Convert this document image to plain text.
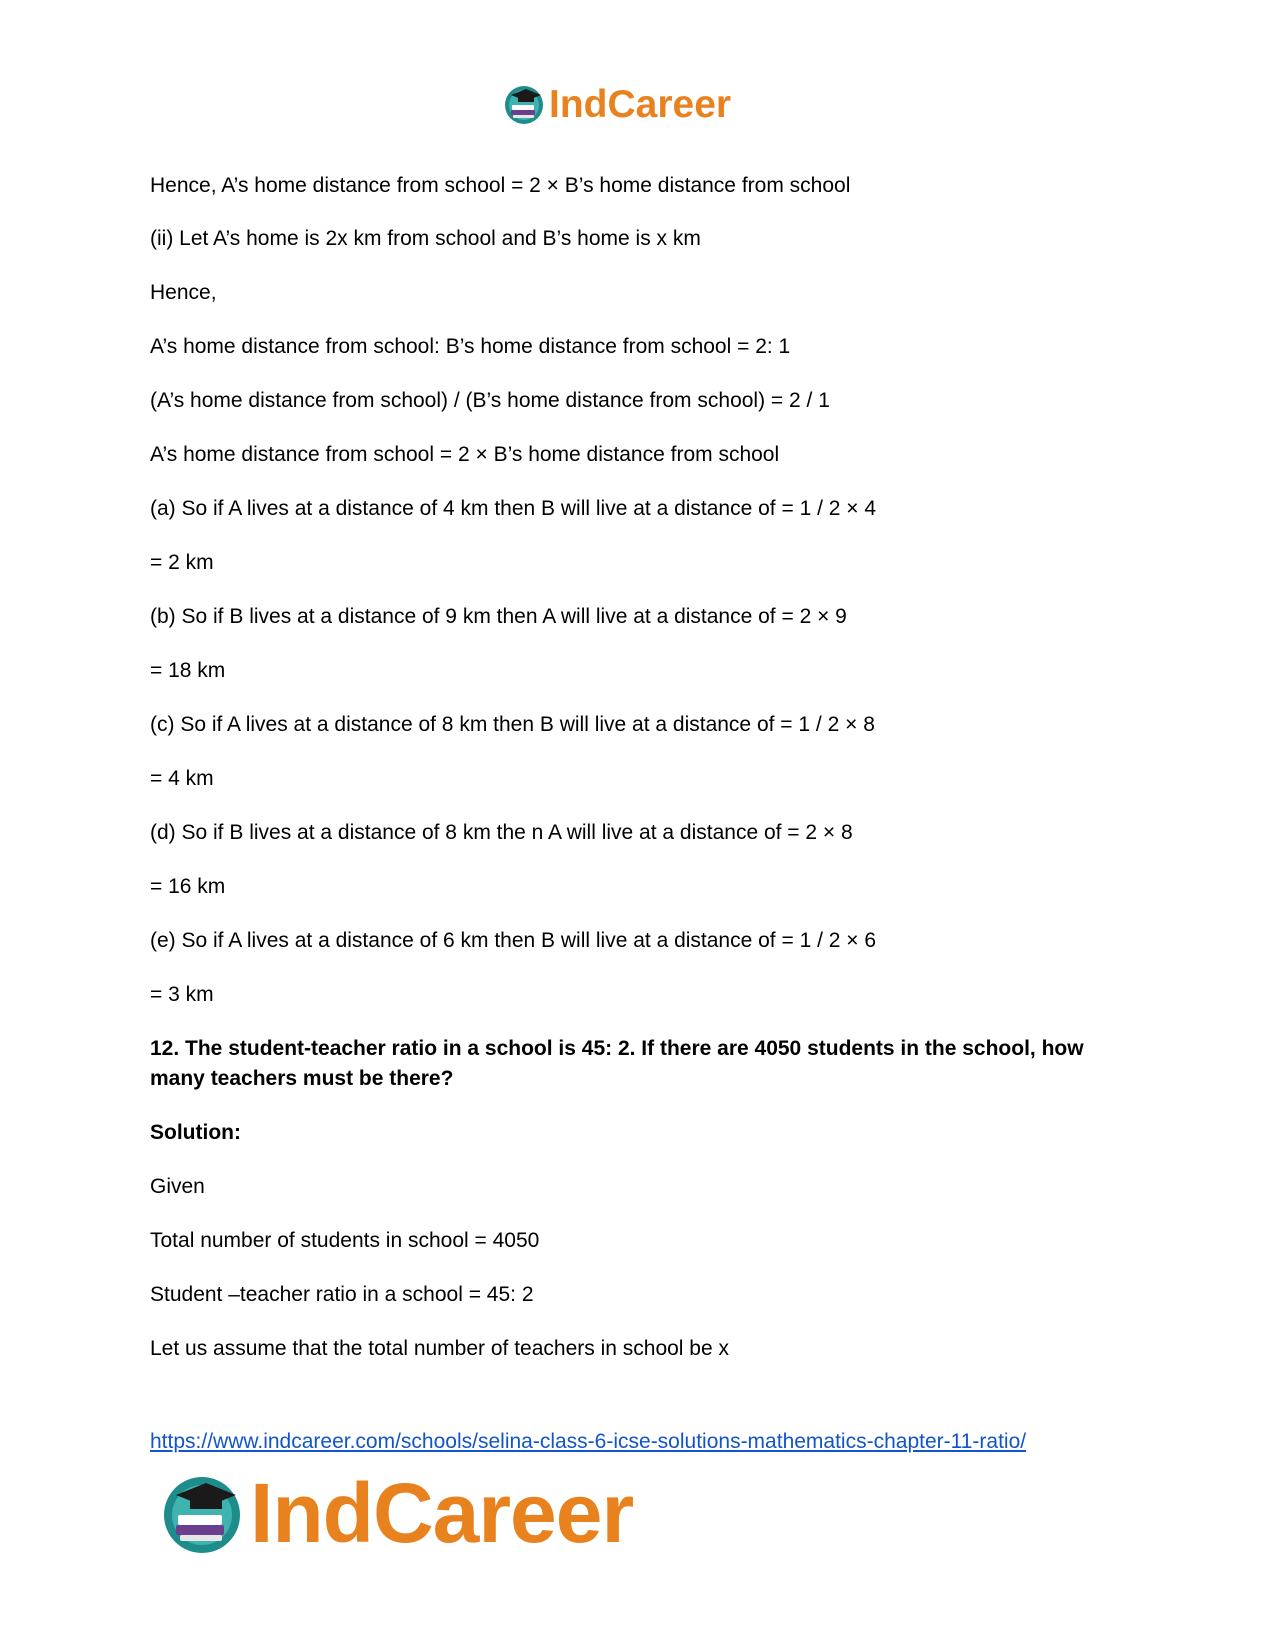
IndCareer
Hence, A’s home distance from school = 2 × B’s home distance from school
(ii) Let A’s home is 2x km from school and B’s home is x km
Hence,
A’s home distance from school: B’s home distance from school = 2: 1
(A’s home distance from school) / (B’s home distance from school) = 2 / 1
A’s home distance from school = 2 × B’s home distance from school
(a) So if A lives at a distance of 4 km then B will live at a distance of = 1 / 2 × 4
= 2 km
(b) So if B lives at a distance of 9 km then A will live at a distance of = 2 × 9
= 18 km
(c) So if A lives at a distance of 8 km then B will live at a distance of = 1 / 2 × 8
= 4 km
(d) So if B lives at a distance of 8 km the n A will live at a distance of = 2 × 8
= 16 km
(e) So if A lives at a distance of 6 km then B will live at a distance of = 1 / 2 × 6
= 3 km
12. The student-teacher ratio in a school is 45: 2. If there are 4050 students in the school, how many teachers must be there?
Solution:
Given
Total number of students in school = 4050
Student –teacher ratio in a school = 45: 2
Let us assume that the total number of teachers in school be x
https://www.indcareer.com/schools/selina-class-6-icse-solutions-mathematics-chapter-11-ratio/
IndCareer
